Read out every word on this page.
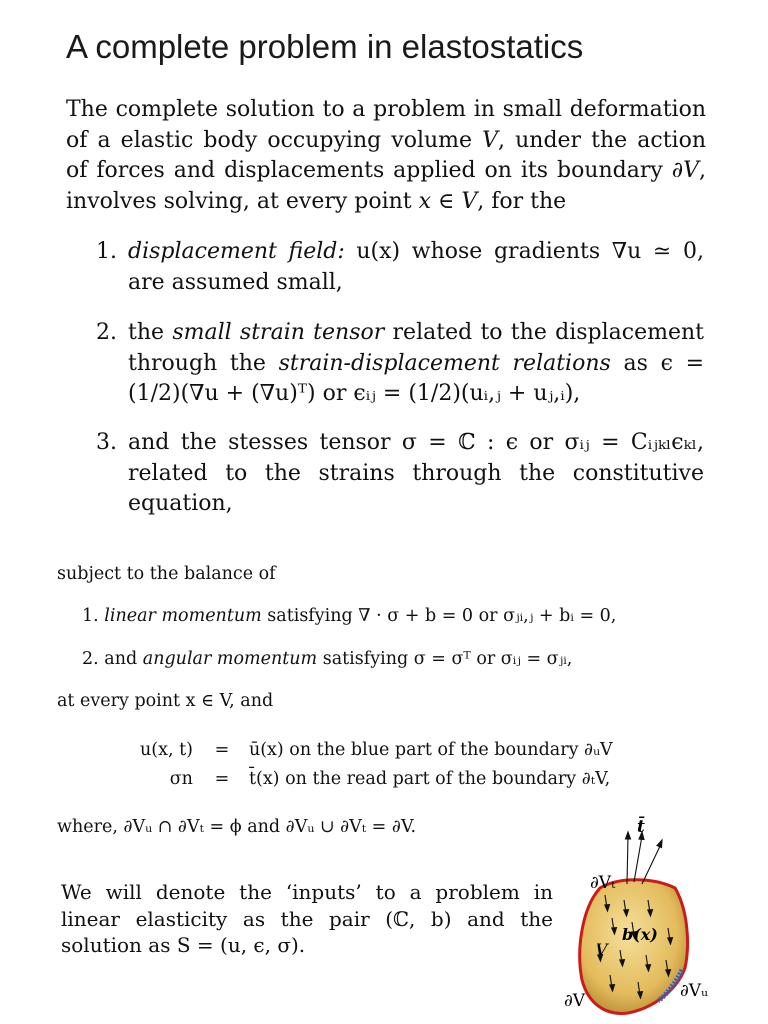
A complete problem in elastostatics
The complete solution to a problem in small deformation of a elastic body occupying volume V, under the action of forces and displacements applied on its boundary ∂V, involves solving, at every point x ∈ V, for the
1. displacement field: u(x) whose gradients ∇u ≃ 0, are assumed small,
2. the small strain tensor related to the displacement through the strain-displacement relations as ϵ = (1/2)(∇u + (∇u)ᵀ) or ϵᵢⱼ = (1/2)(uᵢ,ⱼ + uⱼ,ᵢ),
3. and the stesses tensor σ = ℂ : ϵ or σᵢⱼ = Cᵢⱼₖₗϵₖₗ, related to the strains through the constitutive equation,
subject to the balance of
1. linear momentum satisfying ∇ · σ + b = 0 or σⱼᵢ,ⱼ + bᵢ = 0,
2. and angular momentum satisfying σ = σᵀ or σᵢⱼ = σⱼᵢ,
at every point x ∈ V, and
u(x, t)	=	ū(x) on the blue part of the boundary ∂ᵤV
σn	=	t̄(x) on the read part of the boundary ∂ₜV,
where, ∂Vᵤ ∩ ∂Vₜ = ϕ and ∂Vᵤ ∪ ∂Vₜ = ∂V.
We will denote the ‘inputs’ to a problem in linear elasticity as the pair (ℂ, b) and the solution as S = (u, ϵ, σ).
t̄
∂Vₜ
b(x)
V
∂V	∂Vᵤ
